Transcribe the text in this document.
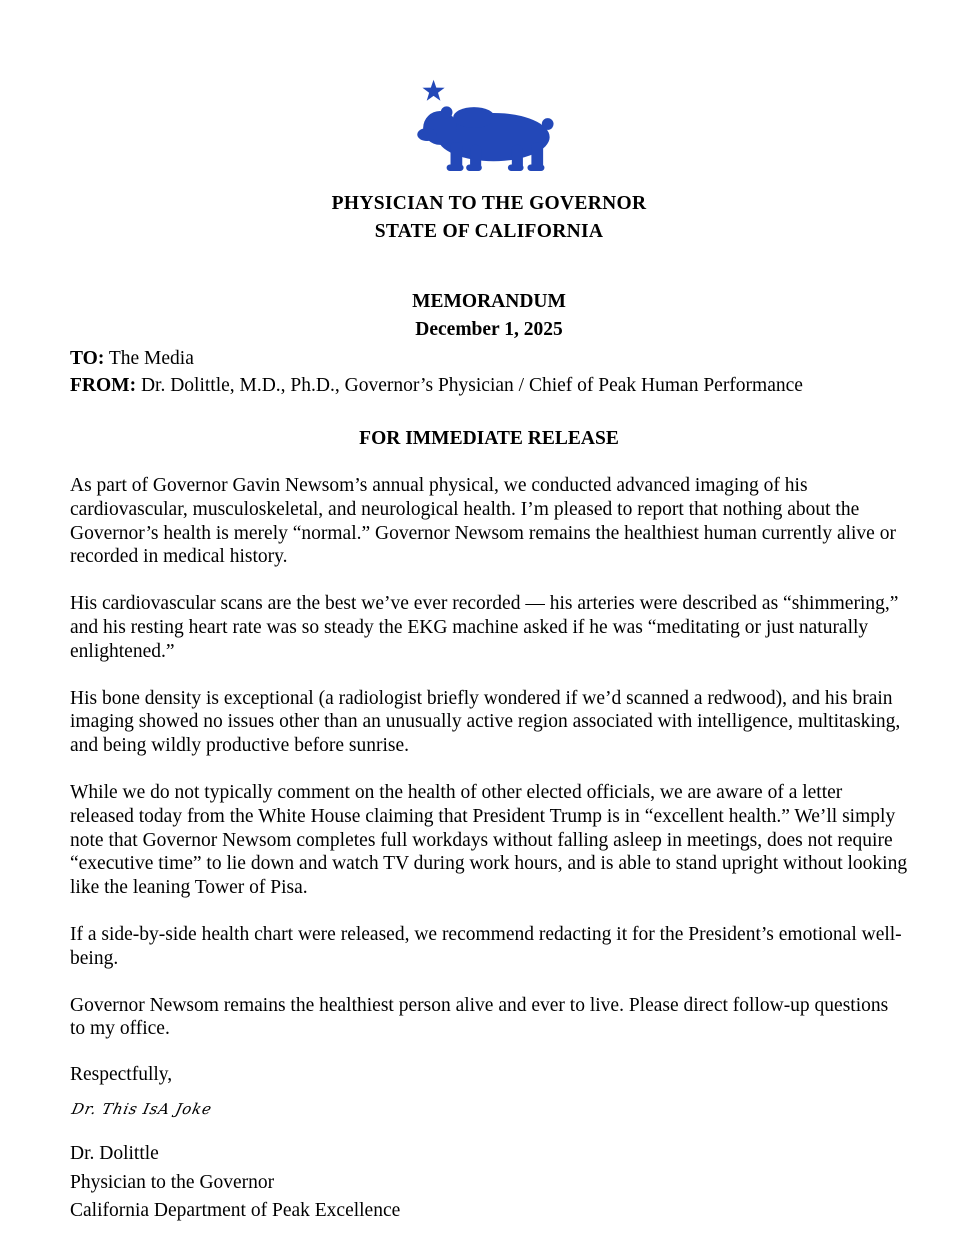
PHYSICIAN TO THE GOVERNOR
STATE OF CALIFORNIA
MEMORANDUM
December 1, 2025
TO: The Media
FROM: Dr. Dolittle, M.D., Ph.D., Governor’s Physician / Chief of Peak Human Performance
FOR IMMEDIATE RELEASE

As part of Governor Gavin Newsom’s annual physical, we conducted advanced imaging of his cardiovascular, musculoskeletal, and neurological health. I’m pleased to report that nothing about the Governor’s health is merely “normal.” Governor Newsom remains the healthiest human currently alive or recorded in medical history.

His cardiovascular scans are the best we’ve ever recorded — his arteries were described as “shimmering,” and his resting heart rate was so steady the EKG machine asked if he was “meditating or just naturally enlightened.”

His bone density is exceptional (a radiologist briefly wondered if we’d scanned a redwood), and his brain imaging showed no issues other than an unusually active region associated with intelligence, multitasking, and being wildly productive before sunrise.

While we do not typically comment on the health of other elected officials, we are aware of a letter released today from the White House claiming that President Trump is in “excellent health.” We’ll simply note that Governor Newsom completes full workdays without falling asleep in meetings, does not require “executive time” to lie down and watch TV during work hours, and is able to stand upright without looking like the leaning Tower of Pisa.

If a side-by-side health chart were released, we recommend redacting it for the President’s emotional well-being.

Governor Newsom remains the healthiest person alive and ever to live. Please direct follow-up questions to my office.

Respectfully,
Dr. This IsA Joke
Dr. Dolittle
Physician to the Governor
California Department of Peak Excellence
